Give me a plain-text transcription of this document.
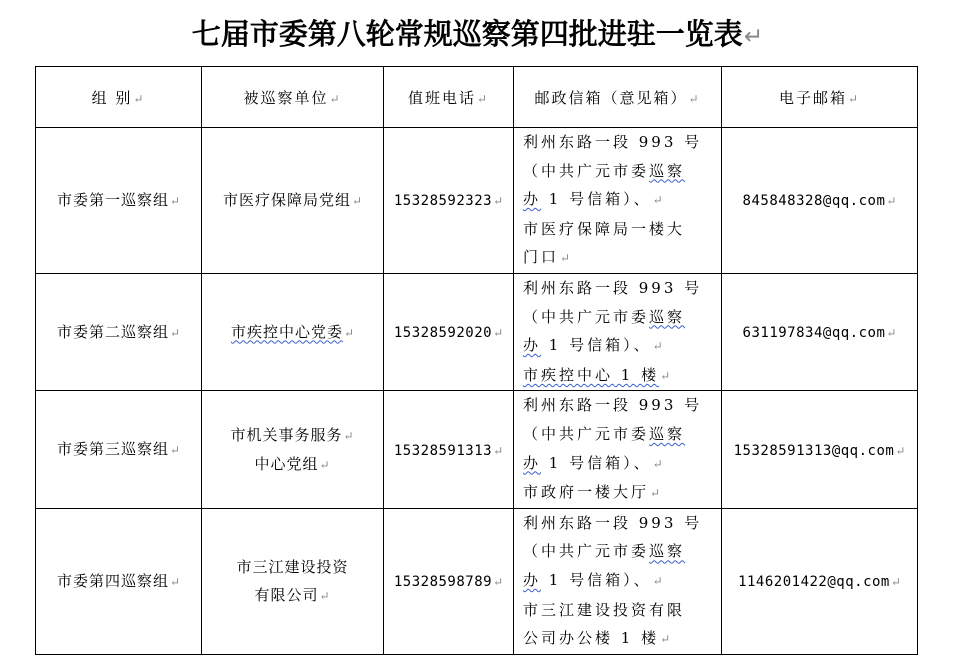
七届市委第八轮常规巡察第四批进驻一览表↵
组 别↵	被巡察单位↵	值班电话↵	邮政信箱（意见箱）↵	电子邮箱↵
市委第一巡察组↵	市医疗保障局党组↵	15328592323↵	利州东路一段 993 号
（中共广元市委巡察
办 1 号信箱）、↵
市医疗保障局一楼大
门口↵	845848328@qq.com↵
市委第二巡察组↵	市疾控中心党委↵	15328592020↵	利州东路一段 993 号
（中共广元市委巡察
办 1 号信箱）、↵
市疾控中心 1 楼↵	631197834@qq.com↵
市委第三巡察组↵	市机关事务服务↵
中心党组↵	15328591313↵	利州东路一段 993 号
（中共广元市委巡察
办 1 号信箱）、↵
市政府一楼大厅↵	15328591313@qq.com↵
市委第四巡察组↵	市三江建设投资
有限公司↵	15328598789↵	利州东路一段 993 号
（中共广元市委巡察
办 1 号信箱）、↵
市三江建设投资有限
公司办公楼 1 楼↵	1146201422@qq.com↵
